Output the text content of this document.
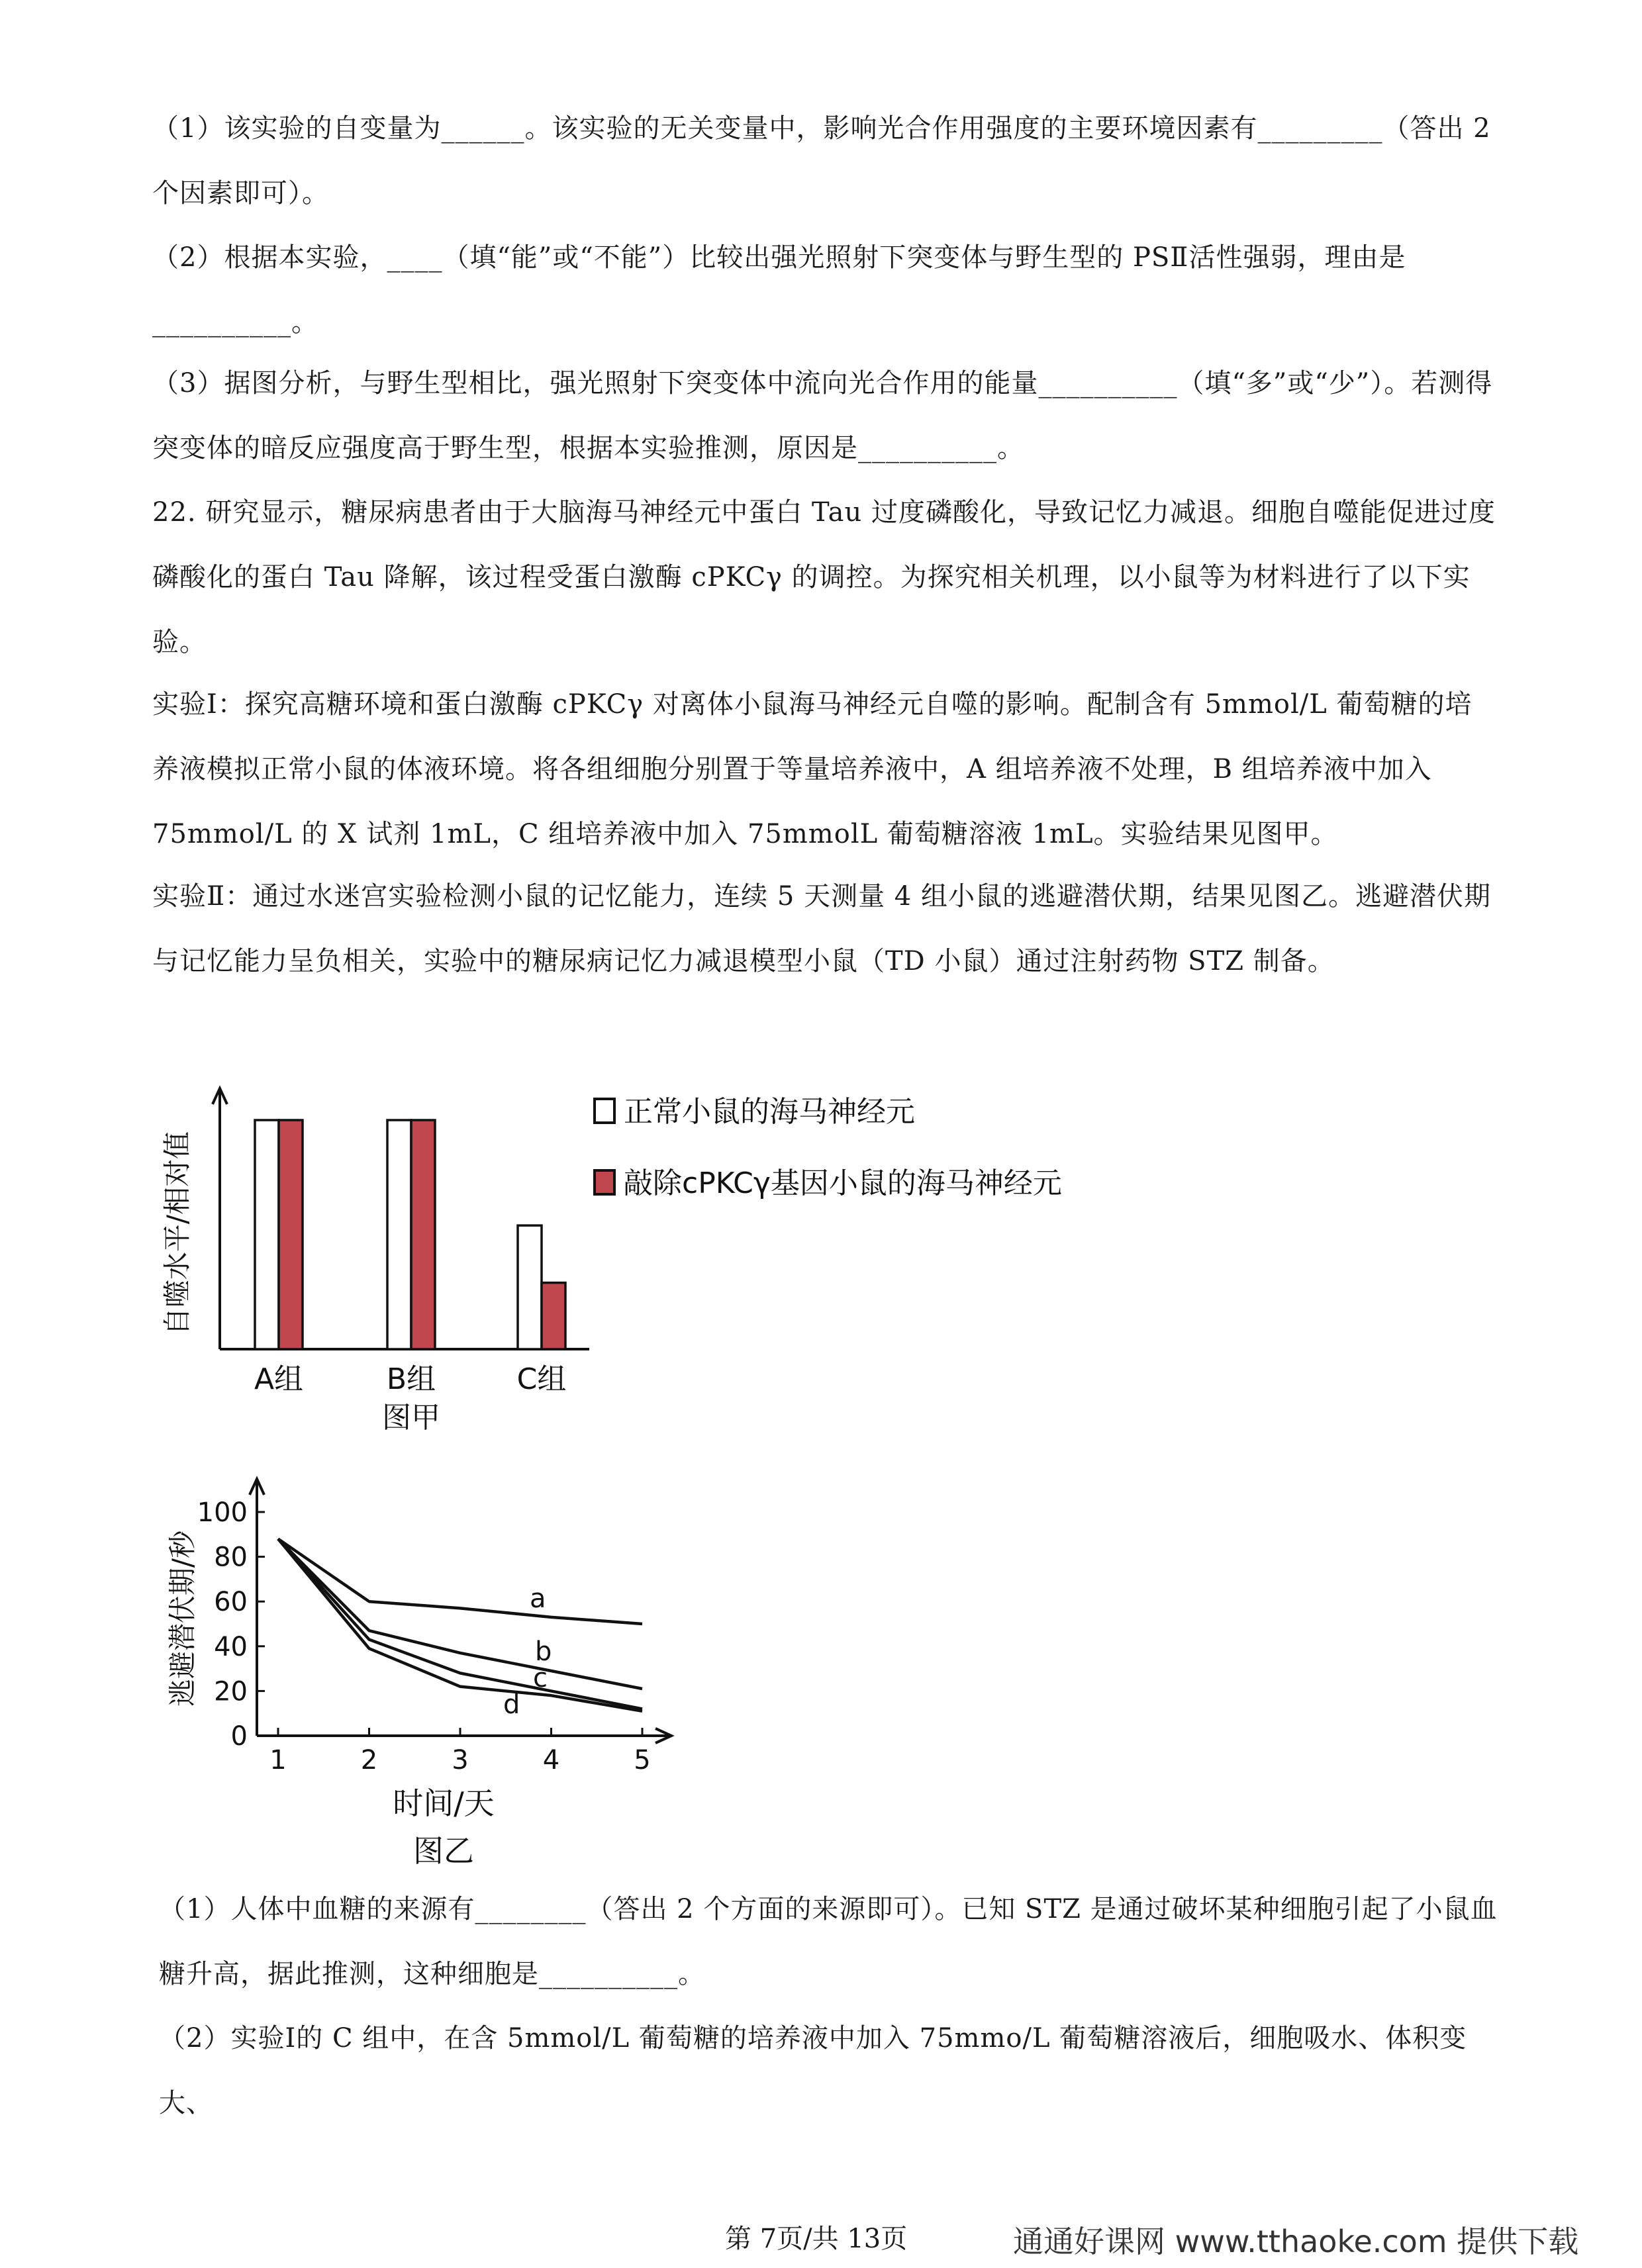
（1）该实验的自变量为______。该实验的无关变量中，影响光合作用强度的主要环境因素有_________（答出 2 个因素即可）。

（2）根据本实验，____（填“能”或“不能”）比较出强光照射下突变体与野生型的 PSⅡ活性强弱，理由是__________。

（3）据图分析，与野生型相比，强光照射下突变体中流向光合作用的能量__________（填“多”或“少”）。若测得突变体的暗反应强度高于野生型，根据本实验推测，原因是__________。

22. 研究显示，糖尿病患者由于大脑海马神经元中蛋白 Tau 过度磷酸化，导致记忆力减退。细胞自噬能促进过度磷酸化的蛋白 Tau 降解，该过程受蛋白激酶 cPKCγ 的调控。为探究相关机理，以小鼠等为材料进行了以下实验。

实验Ⅰ：探究高糖环境和蛋白激酶 cPKCγ 对离体小鼠海马神经元自噬的影响。配制含有 5mmol/L 葡萄糖的培养液模拟正常小鼠的体液环境。将各组细胞分别置于等量培养液中，A 组培养液不处理，B 组培养液中加入 75mmol/L 的 X 试剂 1mL，C 组培养液中加入 75mmolL 葡萄糖溶液 1mL。实验结果见图甲。

实验Ⅱ：通过水迷宫实验检测小鼠的记忆能力，连续 5 天测量 4 组小鼠的逃避潜伏期，结果见图乙。逃避潜伏期与记忆能力呈负相关，实验中的糖尿病记忆力减退模型小鼠（TD 小鼠）通过注射药物 STZ 制备。

自噬水平/相对值
A组	B组	C组
图甲
正常小鼠的海马神经元
敲除cPKCγ基因小鼠的海马神经元
0
20
40
60
80
100
1	2	3	4	5
逃避潜伏期/秒
时间/天
图乙
a
b
c
d

（1）人体中血糖的来源有________（答出 2 个方面的来源即可）。已知 STZ 是通过破坏某种细胞引起了小鼠血糖升高，据此推测，这种细胞是__________。

（2）实验Ⅰ的 C 组中，在含 5mmol/L 葡萄糖的培养液中加入 75mmo/L 葡萄糖溶液后，细胞吸水、体积变大、

第 7页/共 13页	通通好课网 www.tthaoke.com 提供下载
